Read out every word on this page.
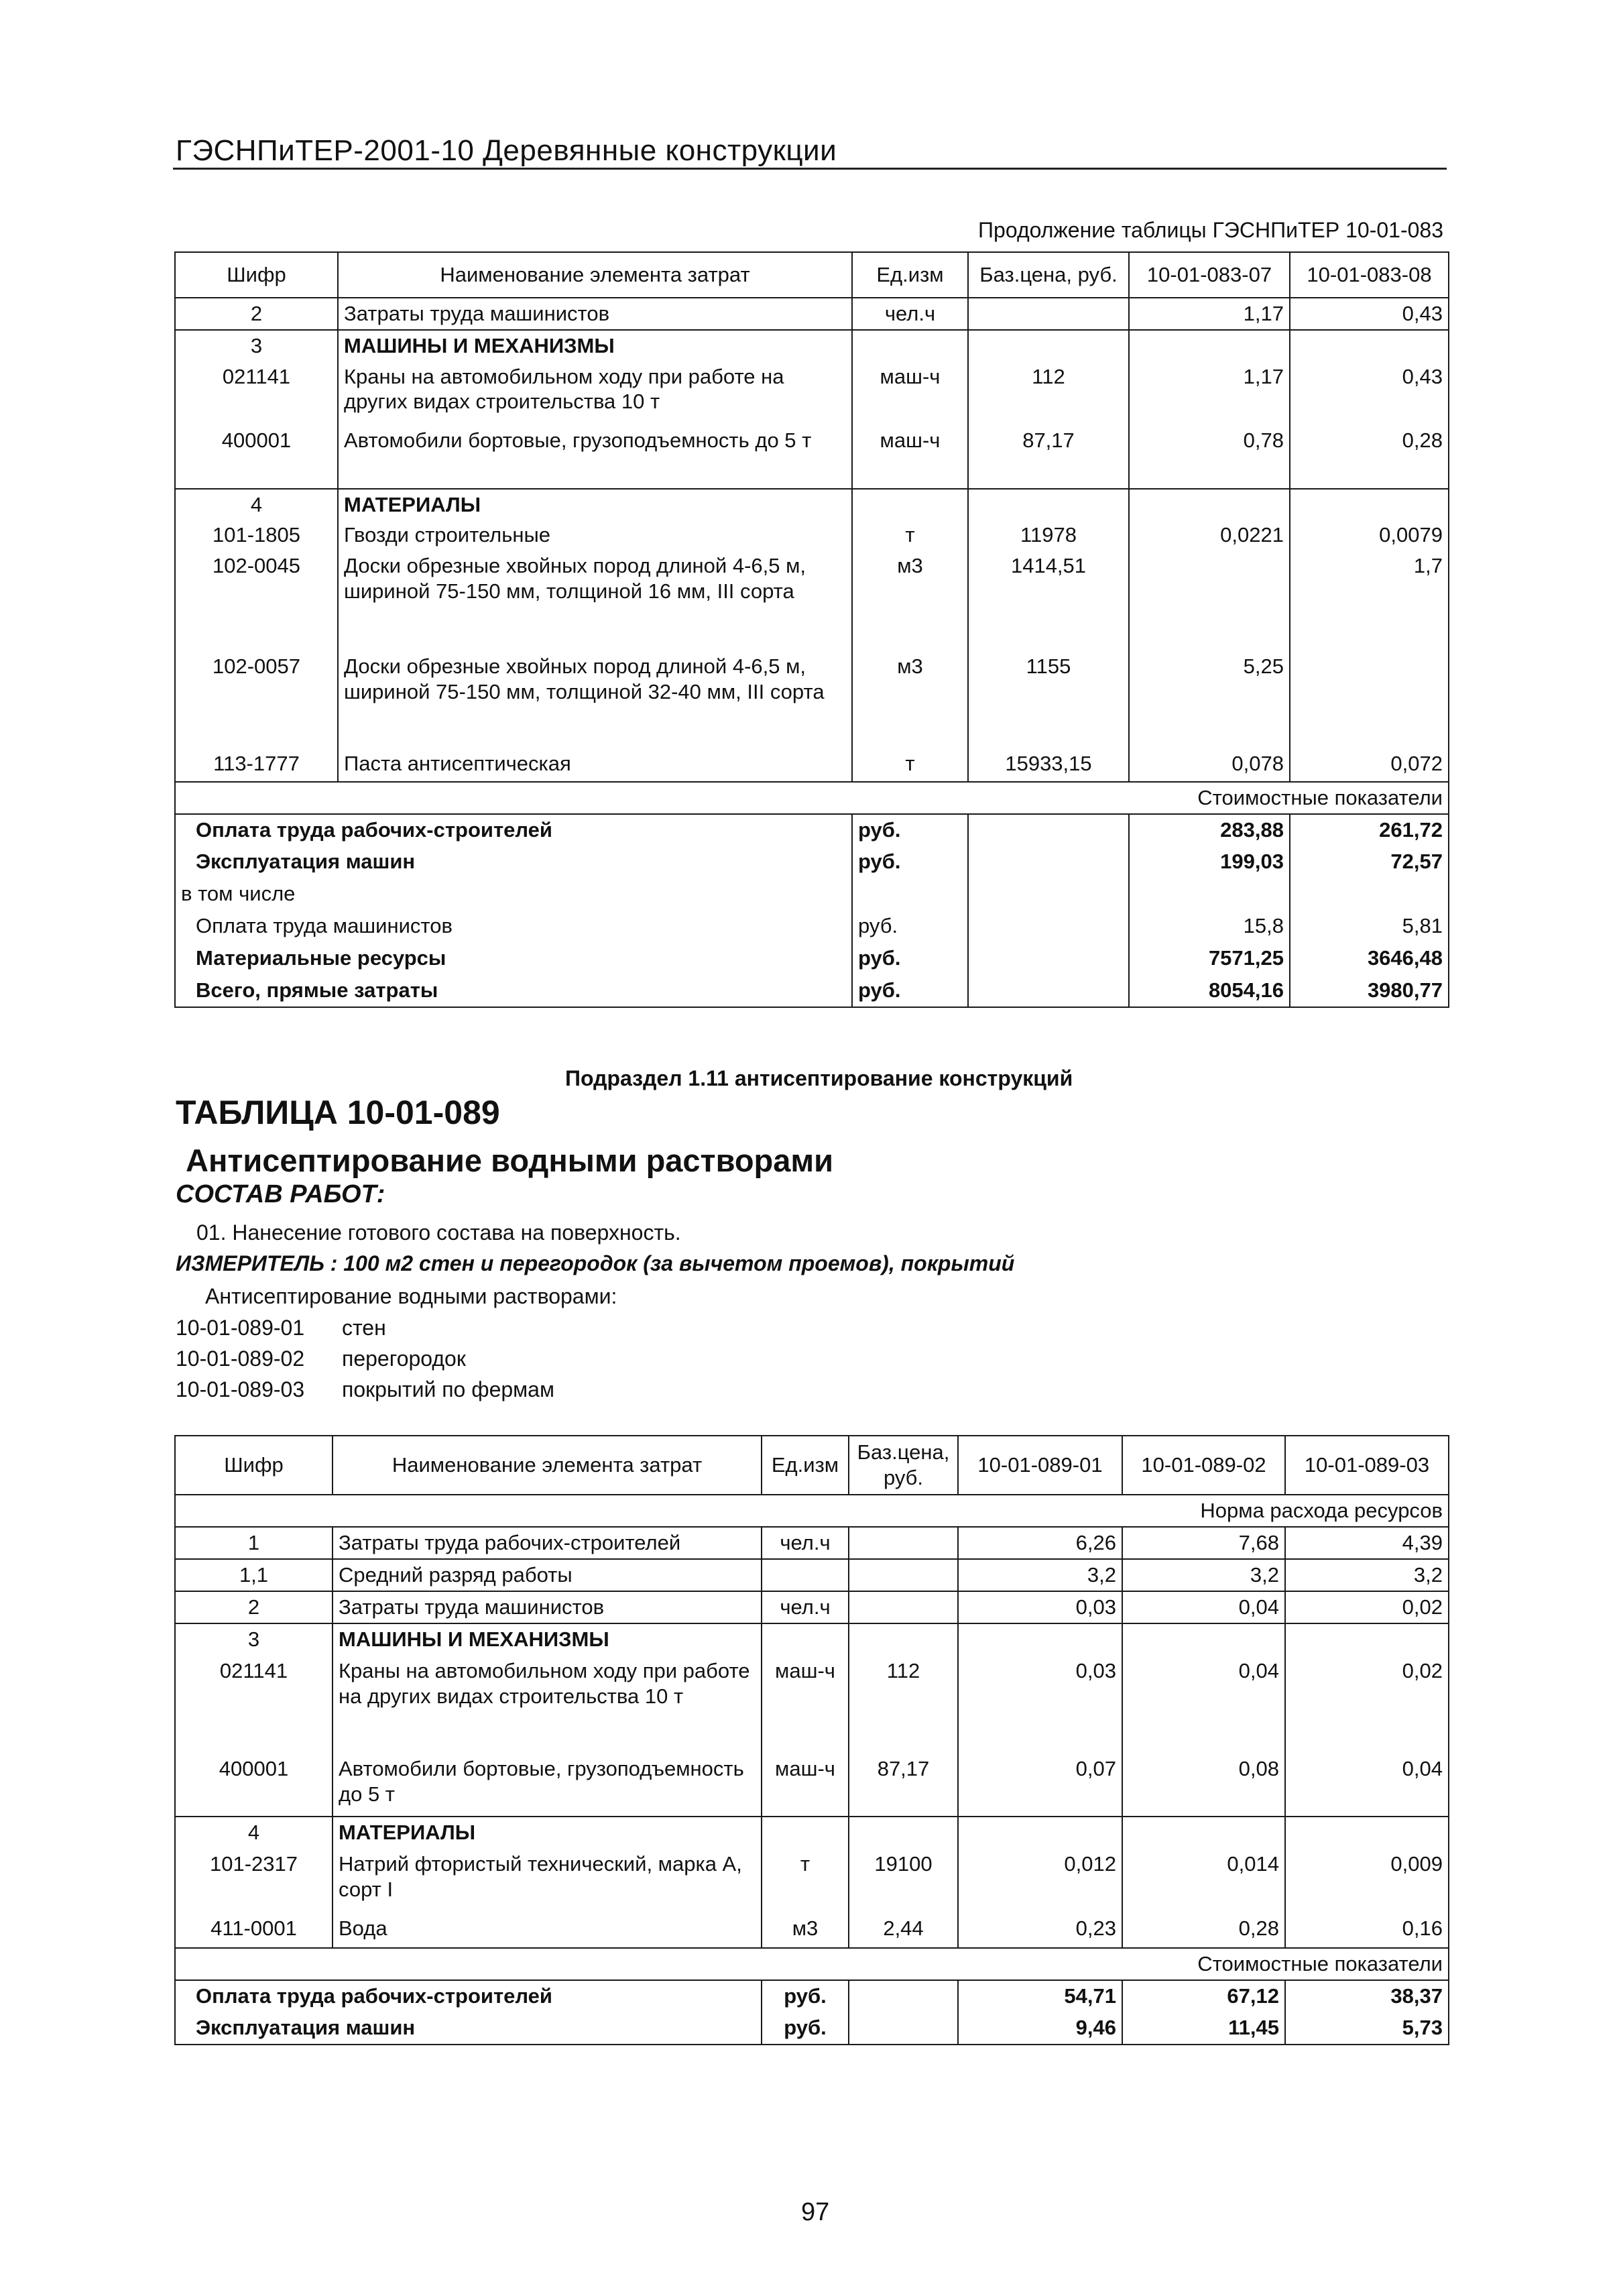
ГЭСНПиТЕР-2001-10 Деревянные конструкции
Продолжение таблицы ГЭСНПиТЕР 10-01-083
Шифр	Наименование элемента затрат	Ед.изм	Баз.цена, руб.	10-01-083-07	10-01-083-08
2	Затраты труда машинистов	чел.ч		1,17	0,43
3	МАШИНЫ И МЕХАНИЗМЫ				
021141	Краны на автомобильном ходу при работе на других видах строительства 10 т	маш-ч	112	1,17	0,43
400001	Автомобили бортовые, грузоподъемность до 5 т	маш-ч	87,17	0,78	0,28
4	МАТЕРИАЛЫ				
101-1805	Гвозди строительные	т	11978	0,0221	0,0079
102-0045	Доски обрезные хвойных пород длиной 4-6,5 м, шириной 75-150 мм, толщиной 16 мм, III сорта	м3	1414,51		1,7
102-0057	Доски обрезные хвойных пород длиной 4-6,5 м, шириной 75-150 мм, толщиной 32-40 мм, III сорта	м3	1155	5,25	
113-1777	Паста антисептическая	т	15933,15	0,078	0,072
Стоимостные показатели					
Оплата труда рабочих-строителей		руб.		283,88	261,72
Эксплуатация машин		руб.		199,03	72,57
в том числе					
Оплата труда машинистов		руб.		15,8	5,81
Материальные ресурсы		руб.		7571,25	3646,48
Всего, прямые затраты		руб.		8054,16	3980,77
Подраздел 1.11 антисептирование конструкций
ТАБЛИЦА 10-01-089
Антисептирование водными растворами
СОСТАВ РАБОТ:
01. Нанесение готового состава на поверхность.
ИЗМЕРИТЕЛЬ : 100 м2 стен и перегородок (за вычетом проемов), покрытий
Антисептирование водными растворами:
10-01-089-01 стен
10-01-089-02 перегородок
10-01-089-03 покрытий по фермам
Шифр	Наименование элемента затрат	Ед.изм	Баз.цена, руб.	10-01-089-01	10-01-089-02	10-01-089-03
Норма расхода ресурсов						
1	Затраты труда рабочих-строителей	чел.ч		6,26	7,68	4,39
1,1	Средний разряд работы			3,2	3,2	3,2
2	Затраты труда машинистов	чел.ч		0,03	0,04	0,02
3	МАШИНЫ И МЕХАНИЗМЫ					
021141	Краны на автомобильном ходу при работе на других видах строительства 10 т	маш-ч	112	0,03	0,04	0,02
400001	Автомобили бортовые, грузоподъемность до 5 т	маш-ч	87,17	0,07	0,08	0,04
4	МАТЕРИАЛЫ					
101-2317	Натрий фтористый технический, марка А, сорт I	т	19100	0,012	0,014	0,009
411-0001	Вода	м3	2,44	0,23	0,28	0,16
Стоимостные показатели						
Оплата труда рабочих-строителей		руб.		54,71	67,12	38,37
Эксплуатация машин		руб.		9,46	11,45	5,73
97
